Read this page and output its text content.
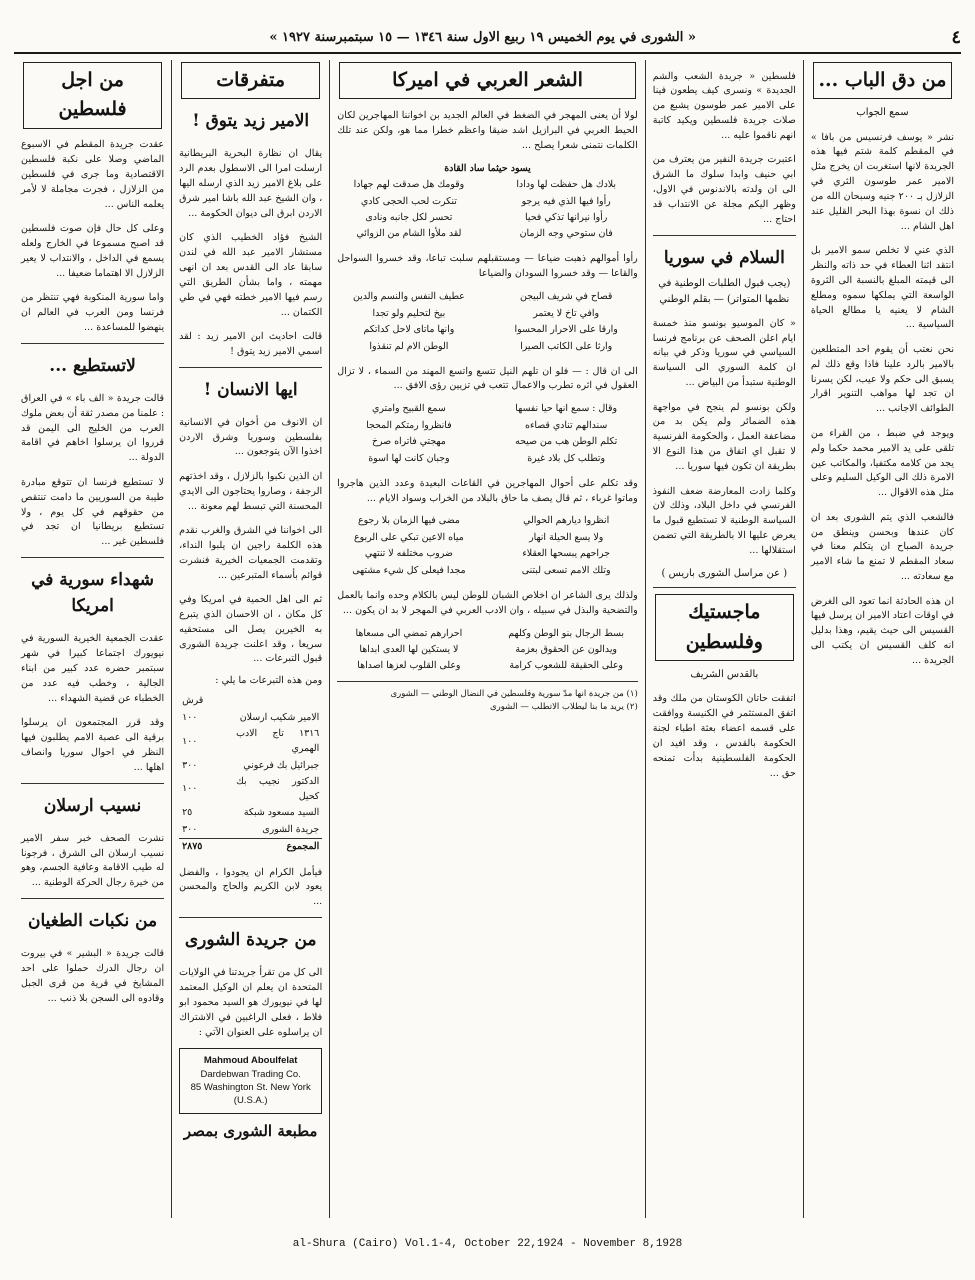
٤
« الشورى في يوم الخميس ١٩ ربيع الاول سنة ١٣٤٦ — ١٥ سبتمبرسنة ١٩٢٧ »
من دق الباب ...
سمع الجواب

نشر « يوسف فرنسيس من بافا » في المقطم كلمة شتم فيها هذه الجريدة لانها استغربت ان يخرج مثل الامير عمر طوسون الثري في الزلازل بـ ٢٠٠ جنيه وسبحان الله من ذلك ان نسوة بهذا البحر القليل عند اهل الشام ...

الذي عني لا تخلص سمو الامير بل انتقد اثنا العطاء في حد ذاته والنظر الى قيمته المبلغ بالنسبة الى الثروة الواسعة التي يملكها سموه ومطلع الشام لا يعنيه يا مطالع الحياة السياسية ...

نحن نعتب أن يقوم احد المتطلعين بالامير بالرد علينا فاذا وقع ذلك لم يسبق الى حكم ولا عيب، لكن يسرنا ان تجد لها مواهب التنوير اقرار الطوائف الاجانب ...

ويوجد في ضبط ، من القراء من تلقى على يد الامير محمد حكما ولم يجد من كلامه مكتفيا، والمكاتب عين الامرة ذلك الى الوكيل السليم وعلى مثل هذه الاقوال ...

فالشعب الذي يتم الشورى بعد ان كان عندها وبحسن وينطق من جريدة الصباح ان يتكلم معنا في سعاد المقطم لا تمنع ما شاء الامير مع سعادته ...

ان هذه الحادثة انما تعود الى الغرض في اوقات اعتاد الامير ان يرسل فيها القسيس الى حيث يقيم، وهذا بدليل انه كلف القسيس ان يكتب الى الجريدة ...

فلسطين « جريدة الشعب والشم الجديدة » ونسرى كيف يطعون فينا على الامير عمر طوسون يشبع من صلات جريدة فلسطين ويكيد كاتبة انهم ناقموا عليه ...

اعتبرت جريدة النفير من يعترف من ابي حنيف وابدا سلوك ما الشرق الى ان ولدته بالاندنوس في الاول، وظهر اليكم مجلة عن الانتداب قد احتاج ...

السلام في سوريا
(يجب قبول الطلبات الوطنية في نظمها المتواتر) — بقلم الوطني

« كان الموسيو بونسو منذ خمسة ايام اعلن الصحف عن برنامج فرنسا السياسي في سوريا وذكر في بيانه ان كلمة السوري الى السياسة الوطنية ستبدأ من البياض ...

ولكن بونسو لم ينجح في مواجهة هذه الضمائر ولم يكن بد من مضاعفة العمل ، والحكومة الفرنسية لا تقبل اي اتفاق من هذا النوع الا بطريقة ان تكون فيها سوريا ...

وكلما زادت المعارضة ضعف النفوذ الفرنسي في داخل البلاد، وذلك لان السياسة الوطنية لا تستطيع قبول ما يعرض عليها الا بالطريقة التي تضمن استقلالها ...

( عن مراسل الشورى باريس )
ماجستيك وفلسطين
بالقدس الشريف

اتفقت حاتان الكوستان من ملك وقد اتفق المستثمر في الكنيسة ووافقت على قسمه اعضاء بعثة اطباء لجنة الحكومة بالقدس ، وقد افيد ان الحكومة الفلسطينية بدأت تمنحه حق ...

الشعر العربي في اميركا

لولا أن يعنى المهجر في الضغط في العالم الجديد بن اخواننا المهاجرين لكان الحيط العربي في البرازيل اشد ضيقا واعظم خطرا مما هو، ولكن عند تلك الكلمات نتمنى شعرا يصلح ...

يسود حيثما ساد القادة
بلادك هل حفظت لها ودادا
وقومك هل صدقت لهم جهادا
رأوا فيها الذي فيه يرجو
تنكرت لحب الحجى كادي
رأوا نيرانها تذكي فحيا
تحسر لكل جانبه ونادى
فان ستوحي وجه الزمان
لقد ملأوا الشام من الزوائي

رأوا أموالهم ذهبت ضياعا — ومستقبلهم سلبت تباعا، وقد خسروا السواحل والقاعا — وقد خسروا السودان والضياعا

قصاح في شريف البيجن
عطيف النفس والنسم والدين
وافي تاخ لا يعتمر
بيخ لتحليم ولو تجدا
وارقا على الاحرار المحسوا
وانها ماتاى لاحل كداتكم
وارثا على الكاتب الصيرا
الوطن الام لم تنقذوا

الى ان قال : — فلو ان تلهم النيل تتسع واتسع المهند من السماء ، لا تزال العقول في اثره تطرب والاعمال تتعب في تزيين رؤى الافق ...

وقال : سمع انها حيا نفسها
سمع القبيح وامتري
سندالهم تنادي قصاءه
فانظروا رمتكم المحجا
تكلم الوطن هب من صيحه
مهجتي فاتراه صرخ
وتطلب كل بلاد غيرة
وجبان كانت لها اسوة

وقد تكلم على أحوال المهاجرين في القاعات البعيدة وعدد الذين هاجروا وماتوا غرباء ، ثم قال يصف ما حاق بالبلاد من الخراب وسواد الايام ...

انظروا ديارهم الحوالي
مضى فيها الزمان بلا رجوع
ولا يسع الحيلة انهار
مياه الاعين تبكي على الربوع
جراحهم يبسحها العقلاء
ضروب مختلفه لا تنتهي
وتلك الامم تسعى لبتنى
مجدا فيعلى كل شيء مشتهى

ولذلك يرى الشاعر ان اخلاص الشبان للوطن ليس بالكلام وحده وانما بالعمل والتضحية والبذل في سبيله ، وان الادب العربي في المهجر لا بد ان يكون ...

بسط الرجال بنو الوطن وكلهم
احرارهم تمضي الى مسعاها
ويدالون عن الحقوق بعزمة
لا يستكين لها العدى ابداها
وعلى الحقيقة للشعوب كرامة
وعلى القلوب لعزها اصداها
(١) من جريدة انها مدّ سورية وفلسطين في النضال الوطني — الشورى
(٢) يريد ما بنا ليطلاب الاتطلب — الشورى
متفرقات
الامير زيد يتوق !

يقال ان نظارة البحرية البريطانية ارسلت امرا الى الاسطول بعدم الرد على بلاغ الامير زيد الذي ارسله اليها ، وان الشيخ عبد الله باشا امير شرق الاردن ابرق الى ديوان الحكومة ...

الشيخ فؤاد الخطيب الذي كان مستشار الامير عبد الله في لندن سابقا عاد الى القدس بعد ان انهى مهمته ، واما بشأن الطريق التي رسم فيها الامير خطته فهي في طي الكتمان ...

قالت احاديث ابن الامير زيد : لقد اسمي الامير زيد يتوق !

ايها الانسان !

ان الانوف من أخوان في الانسانية بفلسطين وسوريا وشرق الاردن اخذوا الآن يتوجعون ...

ان الذين نكبوا بالزلازل ، وقد اخذتهم الرجفة ، وصاروا يحتاجون الى الايدي المحسنة التي تبسط لهم معونة ...

الى اخواننا في الشرق والغرب نقدم هذه الكلمة راجين ان يلبوا النداء، وتقدمت الجمعيات الخيرية فنشرت قوائم بأسماء المتبرعين ...

ثم الى اهل الحمية في امريكا وفي كل مكان ، ان الاحسان الذي يتبرع به الخيرين يصل الى مستحقيه سريعا ، وقد اعلنت جريدة الشورى قبول التبرعات ...

ومن هذه التبرعات ما يلي :
	قرش
الامير شكيب ارسلان	١٠٠
١٣١٦ تاج الادب الهمري	١٠٠
جبرائيل بك فرعوني	٣٠٠
الدكتور نجيب بك كحيل	١٠٠
السيد مسعود شبكة	٢٥
جريدة الشورى	٣٠٠
المجموع	٢٨٧٥

فيأمل الكرام ان يجودوا ، والفضل يعود لابن الكريم والحاج والمحسن ...

من جريدة الشورى

الى كل من تقرأ جريدتنا في الولايات المتحدة ان يعلم ان الوكيل المعتمد لها في نيويورك هو السيد محمود ابو فلاط ، فعلى الراغبين في الاشتراك ان يراسلوه على العنوان الآتي :

Mahmoud Aboulfelat
Dardebwan Trading Co.
85 Washington St. New York (U.S.A.)
مطبعة الشورى بمصر
من اجل فلسطين

عقدت جريدة المقطم في الاسبوع الماضي وصلا على نكبة فلسطين الاقتصادية وما جرى في فلسطين من الزلازل ، فجرت مجاملة لا لأمر يعلمه الناس ...

وعلى كل حال فإن صوت فلسطين قد اصبح مسموعا في الخارج ولعله يسمع في الداخل ، والانتداب لا يعير الزلازل الا اهتماما ضعيفا ...

واما سورية المنكوبة فهي تنتظر من فرنسا ومن العرب في العالم ان ينهضوا للمساعدة ...

لاتستطيع ...

قالت جريدة « الف باء » في العراق : علمنا من مصدر ثقة أن بعض ملوك العرب من الخليج الى اليمن قد قرروا ان يرسلوا اخاهم في اقامة الدولة ...

لا تستطيع فرنسا ان تتوقع مبادرة طيبة من السوريين ما دامت تنتقص من حقوقهم في كل يوم ، ولا تستطيع بريطانيا ان تجد في فلسطين غير ...

شهداء سورية في امريكا

عقدت الجمعية الخيرية السورية في نيويورك اجتماعا كبيرا في شهر سبتمبر حضره عدد كبير من ابناء الجالية ، وخطب فيه عدد من الخطباء عن قضية الشهداء ...

وقد قرر المجتمعون ان يرسلوا برقية الى عصبة الامم يطلبون فيها النظر في احوال سوريا وانصاف اهلها ...

نسيب ارسلان

نشرت الصحف خبر سفر الامير نسيب ارسلان الى الشرق ، فرجونا له طيب الاقامة وعافية الجسم، وهو من خيرة رجال الحركة الوطنية ...

من نكبات الطغيان

قالت جريدة « البشير » في بيروت ان رجال الدرك حملوا على احد المشايخ في قرية من قرى الجبل وقادوه الى السجن بلا ذنب ...

al-Shura (Cairo) Vol.1-4, October 22,1924 - November 8,1928
